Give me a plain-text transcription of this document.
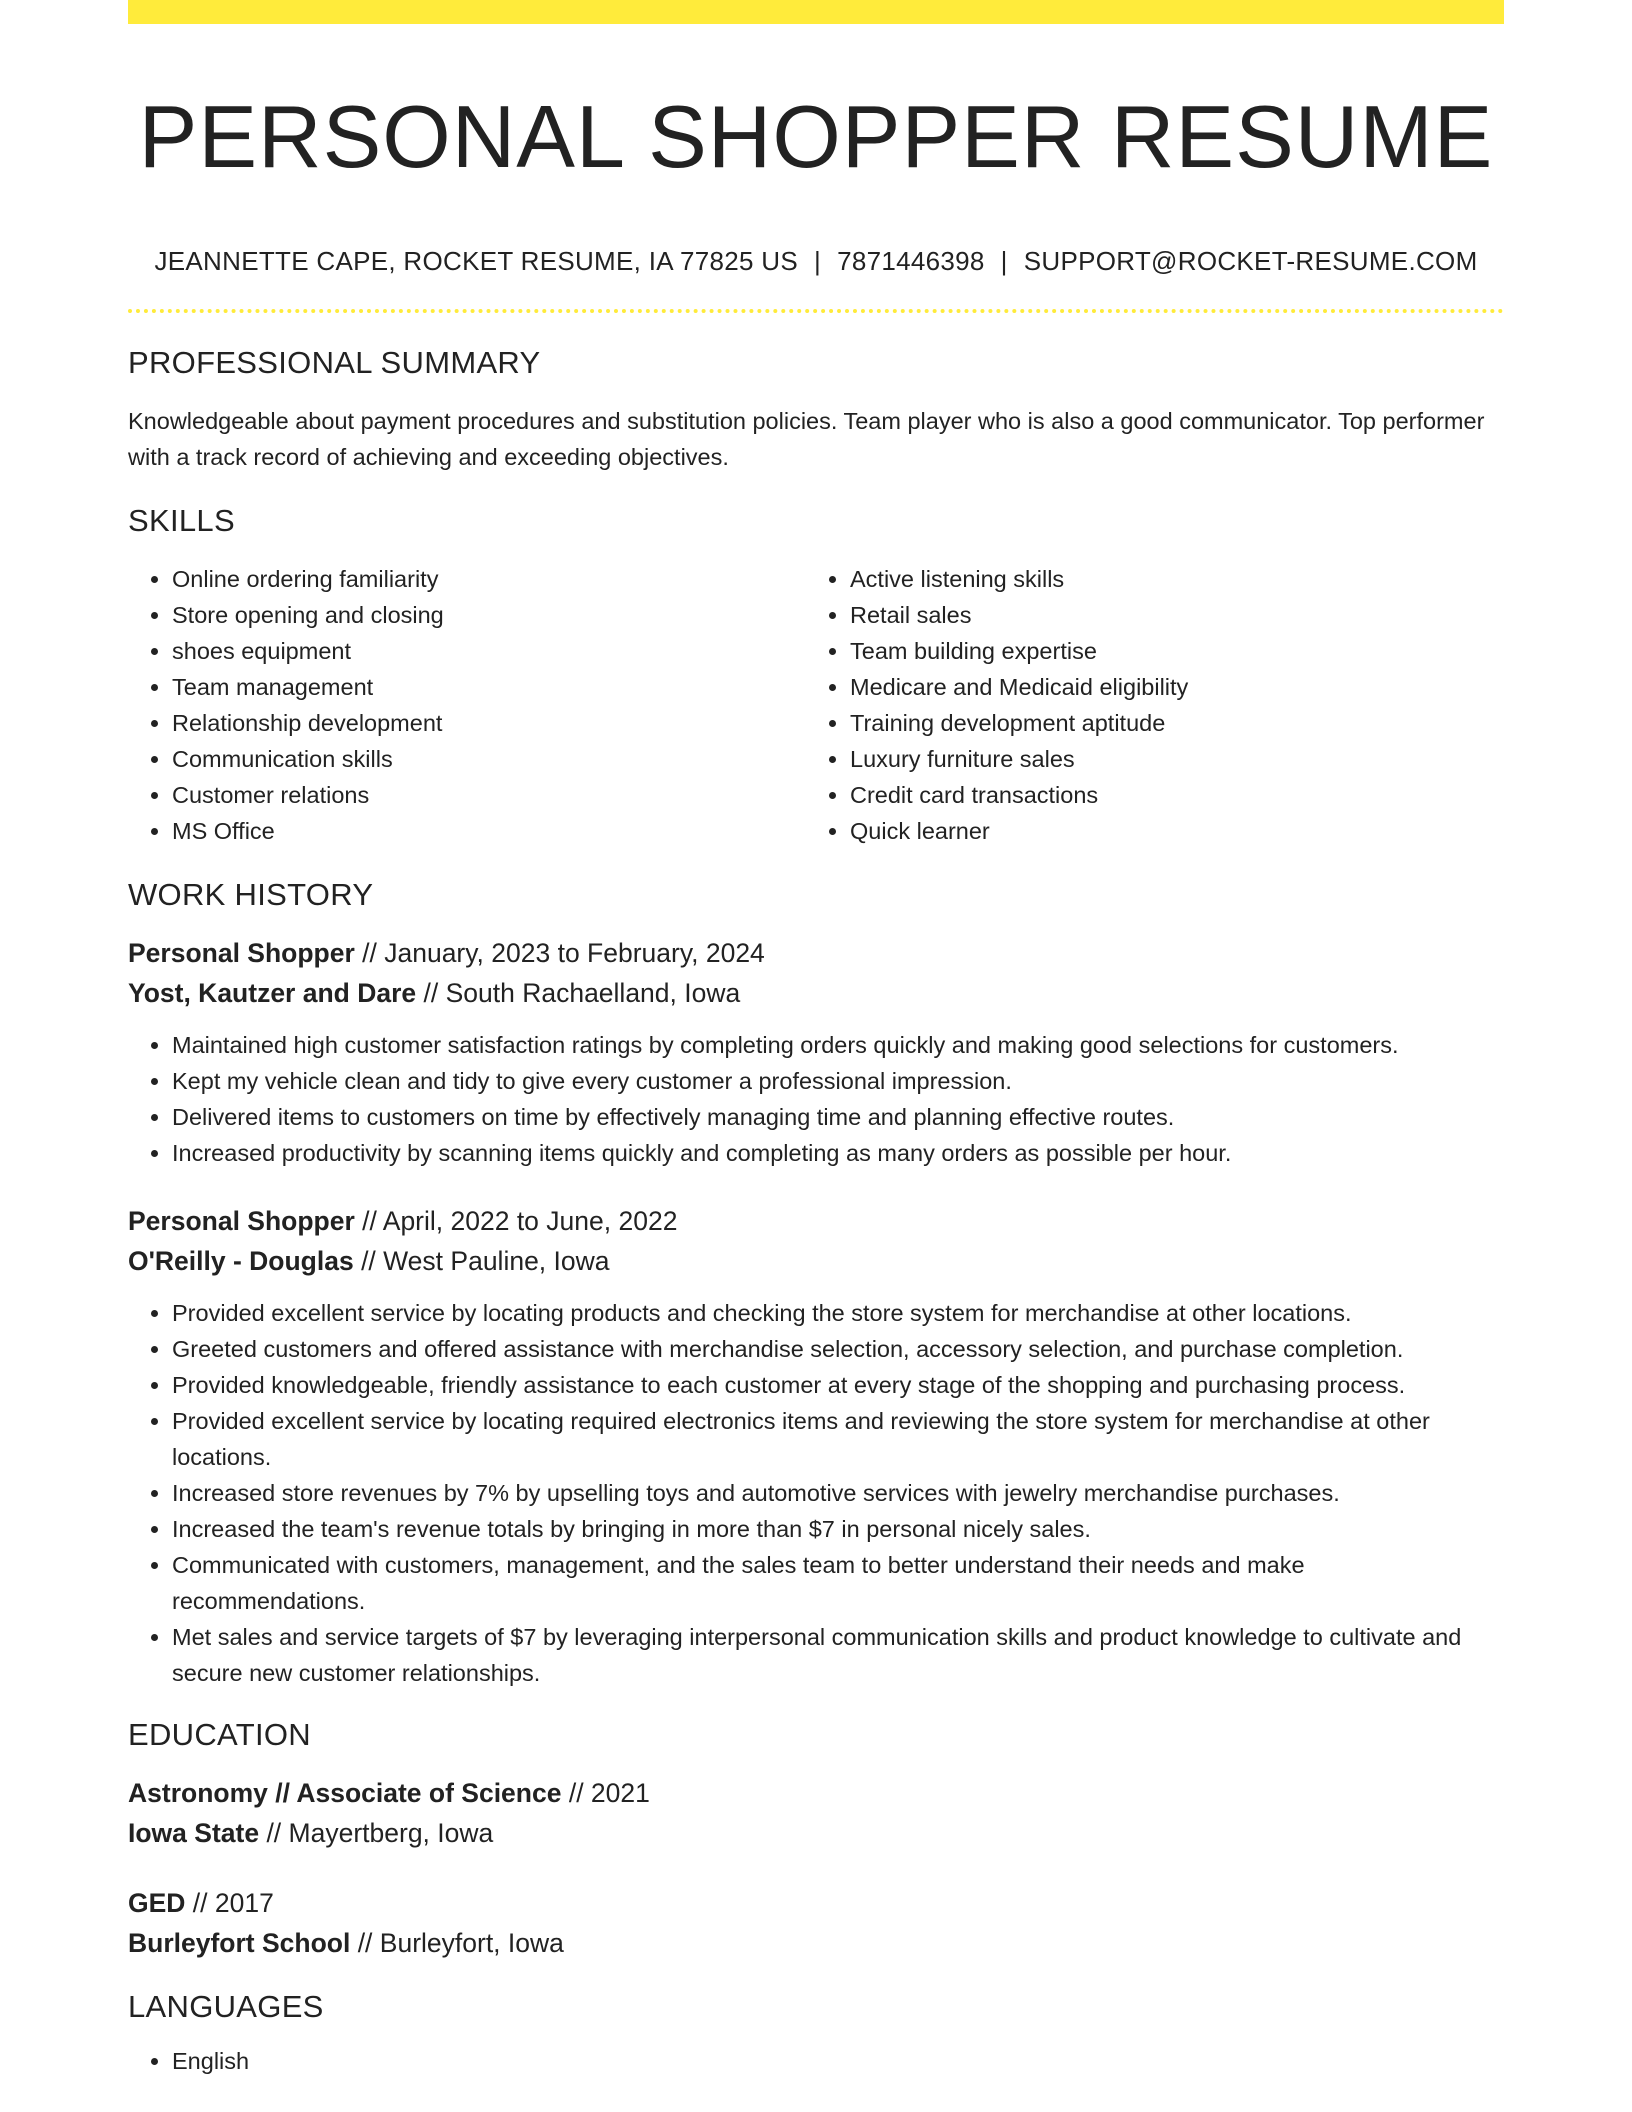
PERSONAL SHOPPER RESUME
JEANNETTE CAPE, ROCKET RESUME, IA 77825 US | 7871446398 | SUPPORT@ROCKET-RESUME.COM
PROFESSIONAL SUMMARY

Knowledgeable about payment procedures and substitution policies. Team player who is also a good communicator. Top performer with a track record of achieving and exceeding objectives.

SKILLS
• Online ordering familiarity
• Store opening and closing
• shoes equipment
• Team management
• Relationship development
• Communication skills
• Customer relations
• MS Office
• Active listening skills
• Retail sales
• Team building expertise
• Medicare and Medicaid eligibility
• Training development aptitude
• Luxury furniture sales
• Credit card transactions
• Quick learner
WORK HISTORY
Personal Shopper // January, 2023 to February, 2024
Yost, Kautzer and Dare // South Rachaelland, Iowa
• Maintained high customer satisfaction ratings by completing orders quickly and making good selections for customers.
• Kept my vehicle clean and tidy to give every customer a professional impression.
• Delivered items to customers on time by effectively managing time and planning effective routes.
• Increased productivity by scanning items quickly and completing as many orders as possible per hour.
Personal Shopper // April, 2022 to June, 2022
O'Reilly - Douglas // West Pauline, Iowa
• Provided excellent service by locating products and checking the store system for merchandise at other locations.
• Greeted customers and offered assistance with merchandise selection, accessory selection, and purchase completion.
• Provided knowledgeable, friendly assistance to each customer at every stage of the shopping and purchasing process.
• Provided excellent service by locating required electronics items and reviewing the store system for merchandise at other locations.
• Increased store revenues by 7% by upselling toys and automotive services with jewelry merchandise purchases.
• Increased the team's revenue totals by bringing in more than $7 in personal nicely sales.
• Communicated with customers, management, and the sales team to better understand their needs and make recommendations.
• Met sales and service targets of $7 by leveraging interpersonal communication skills and product knowledge to cultivate and secure new customer relationships.
EDUCATION
Astronomy // Associate of Science // 2021
Iowa State // Mayertberg, Iowa
GED // 2017
Burleyfort School // Burleyfort, Iowa
LANGUAGES
• English
